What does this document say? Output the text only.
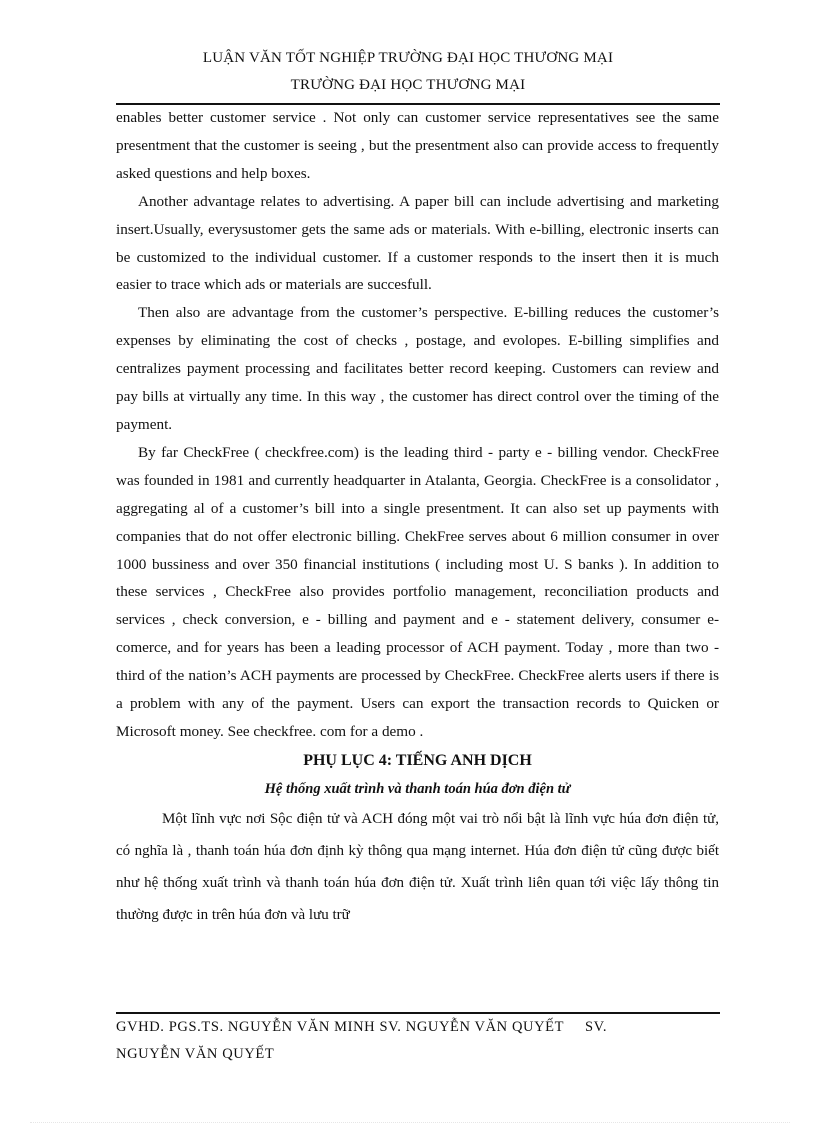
LUẬN VĂN TỐT NGHIỆP TRƯỜNG ĐẠI HỌC THƯƠNG MẠI
TRƯỜNG ĐẠI HỌC THƯƠNG MẠI

enables better customer service . Not only can customer service representatives see the same presentment that the customer is seeing , but the presentment also can provide access to frequently asked questions and help boxes.

Another advantage relates to advertising. A paper bill can include advertising and marketing insert.Usually, everysustomer gets the same ads or materials. With e-billing, electronic inserts can be customized to the individual customer. If a customer responds to the insert then it is much easier to trace which ads or materials are succesfull.

Then also are advantage from the customer’s perspective. E-billing reduces the customer’s expenses by eliminating the cost of checks , postage, and evolopes. E-billing simplifies and centralizes payment processing and facilitates better record keeping. Customers can review and pay bills at virtually any time. In this way , the customer has direct control over the timing of the payment.

By far CheckFree ( checkfree.com) is the leading third - party e - billing vendor. CheckFree was founded in 1981 and currently headquarter in Atalanta, Georgia. CheckFree is a consolidator , aggregating al of a customer’s bill into a single presentment. It can also set up payments with companies that do not offer electronic billing. ChekFree serves about 6 million consumer in over 1000 bussiness and over 350 financial institutions ( including most U. S banks ). In addition to these services , CheckFree also provides portfolio management, reconciliation products and services , check conversion, e - billing and payment and e - statement delivery, consumer e-comerce, and for years has been a leading processor of ACH payment. Today , more than two - third of the nation’s ACH payments are processed by CheckFree. CheckFree alerts users if there is a problem with any of the payment. Users can export the transaction records to Quicken or Microsoft money. See checkfree. com for a demo .

PHỤ LỤC 4: TIẾNG ANH DỊCH
Hệ thống xuất trình và thanh toán húa đơn điện tử

Một lĩnh vực nơi Sộc điện tử và ACH đóng một vai trò nổi bật là lĩnh vực húa đơn điện tử, có nghĩa là , thanh toán húa đơn định kỳ thông qua mạng internet. Húa đơn điện tử cũng được biết như hệ thống xuất trình và thanh toán húa đơn điện tử. Xuất trình liên quan tới việc lấy thông tin thường được in trên húa đơn và lưu trữ

GVHD. PGS.TS. NGUYỄN VĂN MINH SV. NGUYỄN VĂN QUYẾT     SV.
NGUYỄN VĂN QUYẾT
